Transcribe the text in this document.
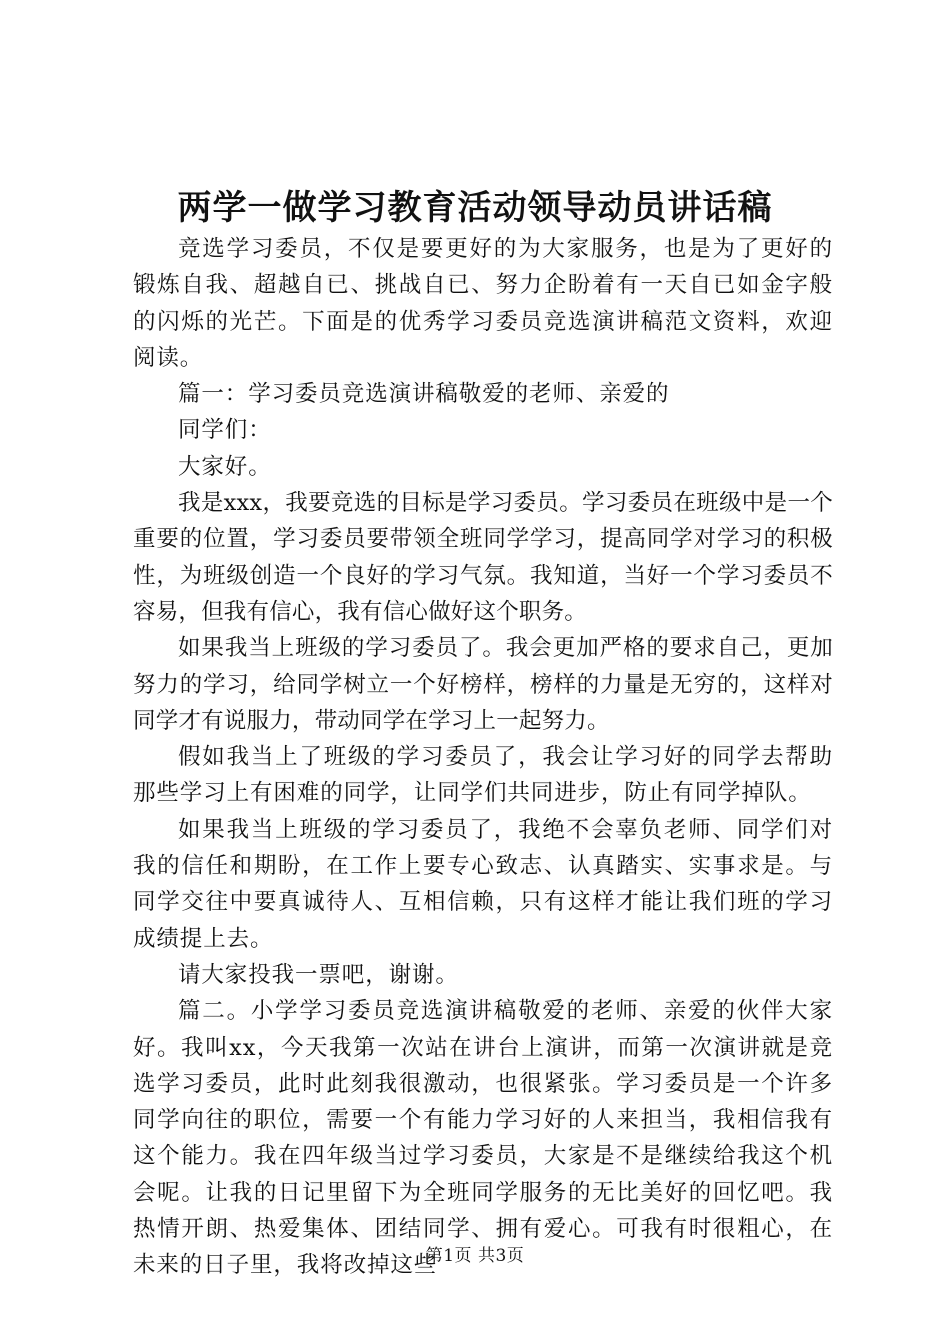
两学一做学习教育活动领导动员讲话稿

竞选学习委员，不仅是要更好的为大家服务，也是为了更好的锻炼自我、超越自已、挑战自已、努力企盼着有一天自已如金字般的闪烁的光芒。下面是的优秀学习委员竞选演讲稿范文资料，欢迎阅读。

篇一：学习委员竞选演讲稿敬爱的老师、亲爱的

同学们：

大家好。

我是xxx，我要竞选的目标是学习委员。学习委员在班级中是一个重要的位置，学习委员要带领全班同学学习，提高同学对学习的积极性，为班级创造一个良好的学习气氛。我知道，当好一个学习委员不容易，但我有信心，我有信心做好这个职务。

如果我当上班级的学习委员了。我会更加严格的要求自己，更加努力的学习，给同学树立一个好榜样，榜样的力量是无穷的，这样对同学才有说服力，带动同学在学习上一起努力。

假如我当上了班级的学习委员了，我会让学习好的同学去帮助那些学习上有困难的同学，让同学们共同进步，防止有同学掉队。

如果我当上班级的学习委员了，我绝不会辜负老师、同学们对我的信任和期盼，在工作上要专心致志、认真踏实、实事求是。与同学交往中要真诚待人、互相信赖，只有这样才能让我们班的学习成绩提上去。

请大家投我一票吧，谢谢。

篇二。小学学习委员竞选演讲稿敬爱的老师、亲爱的伙伴大家好。我叫xx，今天我第一次站在讲台上演讲，而第一次演讲就是竞选学习委员，此时此刻我很激动，也很紧张。学习委员是一个许多同学向往的职位，需要一个有能力学习好的人来担当，我相信我有这个能力。我在四年级当过学习委员，大家是不是继续给我这个机会呢。让我的日记里留下为全班同学服务的无比美好的回忆吧。我热情开朗、热爱集体、团结同学、拥有爱心。可我有时很粗心，在未来的日子里，我将改掉这些

第1页 共3页
